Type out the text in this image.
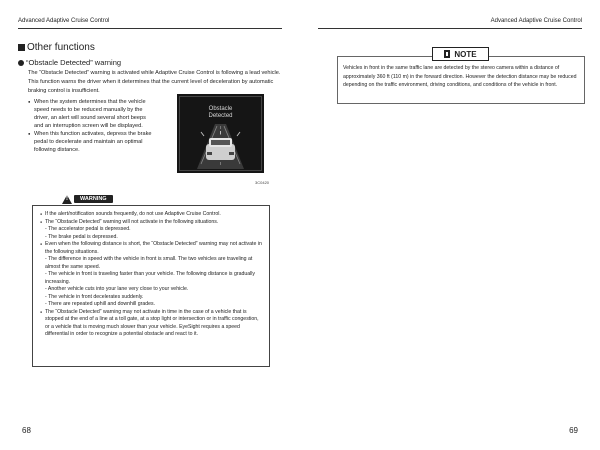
Advanced Adaptive Cruise Control	Advanced Adaptive Cruise Control
Other functions
“Obstacle Detected” warning
The “Obstacle Detected” warning is activated while Adaptive Cruise Control is following a lead vehicle. This function warns the driver when it determines that the current level of deceleration by automatic braking control is insufficient.
● When the system determines that the vehicle speed needs to be reduced manually by the driver, an alert will sound several short beeps and an interruption screen will be displayed.
● When this function activates, depress the brake pedal to decelerate and maintain an optimal following distance.
Obstacle
Detected
3C0420
!
WARNING
● If the alert/notification sounds frequently, do not use Adaptive Cruise Control.
● The “Obstacle Detected” warning will not activate in the following situations.
- The accelerator pedal is depressed.
- The brake pedal is depressed.
● Even when the following distance is short, the “Obstacle Detected” warning may not activate in the following situations.
- The difference in speed with the vehicle in front is small. The two vehicles are traveling at almost the same speed.
- The vehicle in front is traveling faster than your vehicle. The following distance is gradually increasing.
- Another vehicle cuts into your lane very close to your vehicle.
- The vehicle in front decelerates suddenly.
- There are repeated uphill and downhill grades.
● The “Obstacle Detected” warning may not activate in time in the case of a vehicle that is stopped at the end of a line at a toll gate, at a stop light or intersection or in traffic congestion, or a vehicle that is moving much slower than your vehicle. EyeSight requires a speed differential in order to recognize a potential obstacle and react to it.
NOTE
Vehicles in front in the same traffic lane are detected by the stereo camera within a distance of approximately 360 ft (110 m) in the forward direction. However the detection distance may be reduced depending on the traffic environment, driving conditions, and conditions of the vehicle in front.
68	69
